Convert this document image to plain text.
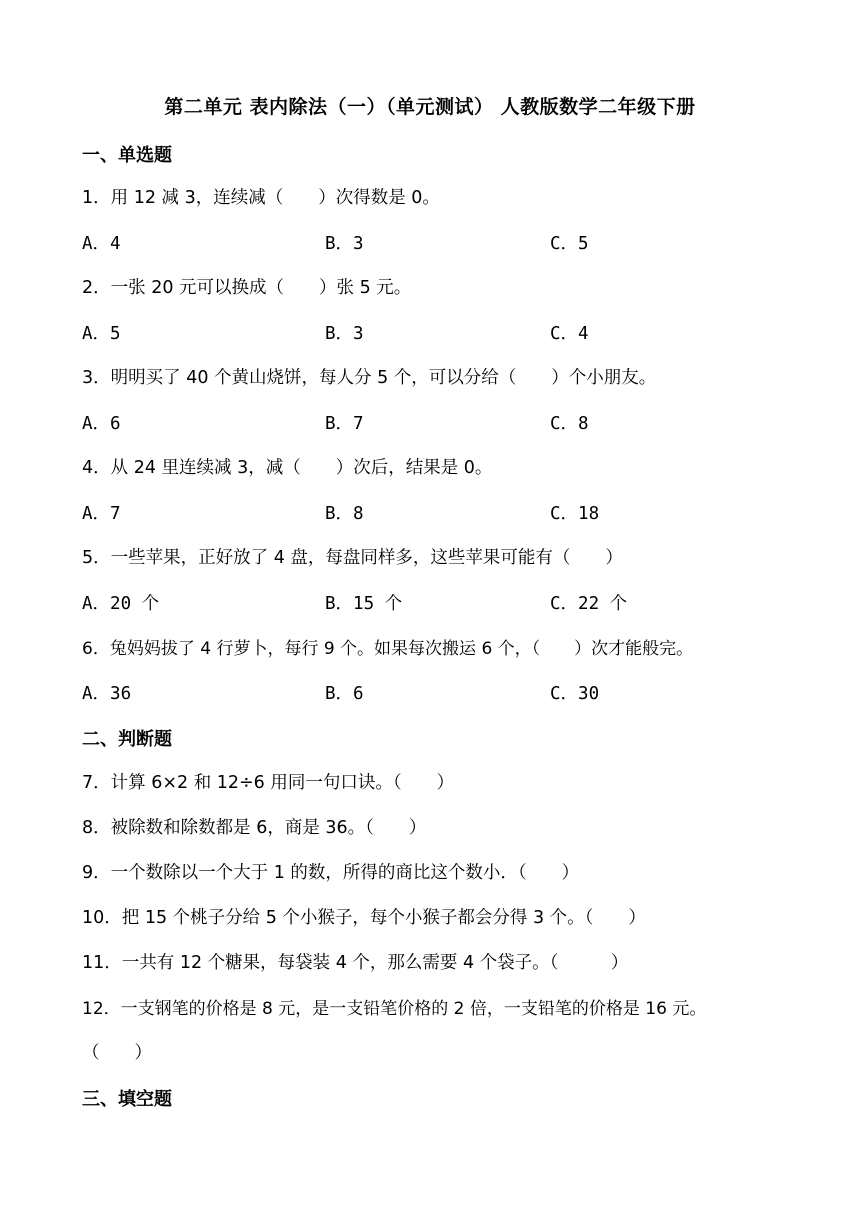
第二单元 表内除法（一）（单元测试） 人教版数学二年级下册
一、单选题
1．用 12 减 3，连续减（　　）次得数是 0。
A．4	B．3	C．5
2．一张 20 元可以换成（　　）张 5 元。
A．5	B．3	C．4
3．明明买了 40 个黄山烧饼，每人分 5 个，可以分给（　　）个小朋友。
A．6	B．7	C．8
4．从 24 里连续减 3，减（　　）次后，结果是 0。
A．7	B．8	C．18
5．一些苹果，正好放了 4 盘，每盘同样多，这些苹果可能有（　　）
A．20 个	B．15 个	C．22 个
6．兔妈妈拔了 4 行萝卜，每行 9 个。如果每次搬运 6 个，（　　）次才能般完。
A．36	B．6	C．30
二、判断题
7．计算 6×2 和 12÷6 用同一句口诀。（　　）
8．被除数和除数都是 6，商是 36。（　　）
9．一个数除以一个大于 1 的数，所得的商比这个数小．（　　）
10．把 15 个桃子分给 5 个小猴子，每个小猴子都会分得 3 个。（　　）
11．一共有 12 个糖果，每袋装 4 个，那么需要 4 个袋子。（　　　）
12．一支钢笔的价格是 8 元，是一支铅笔价格的 2 倍，一支铅笔的价格是 16 元。
（　　）
三、填空题
